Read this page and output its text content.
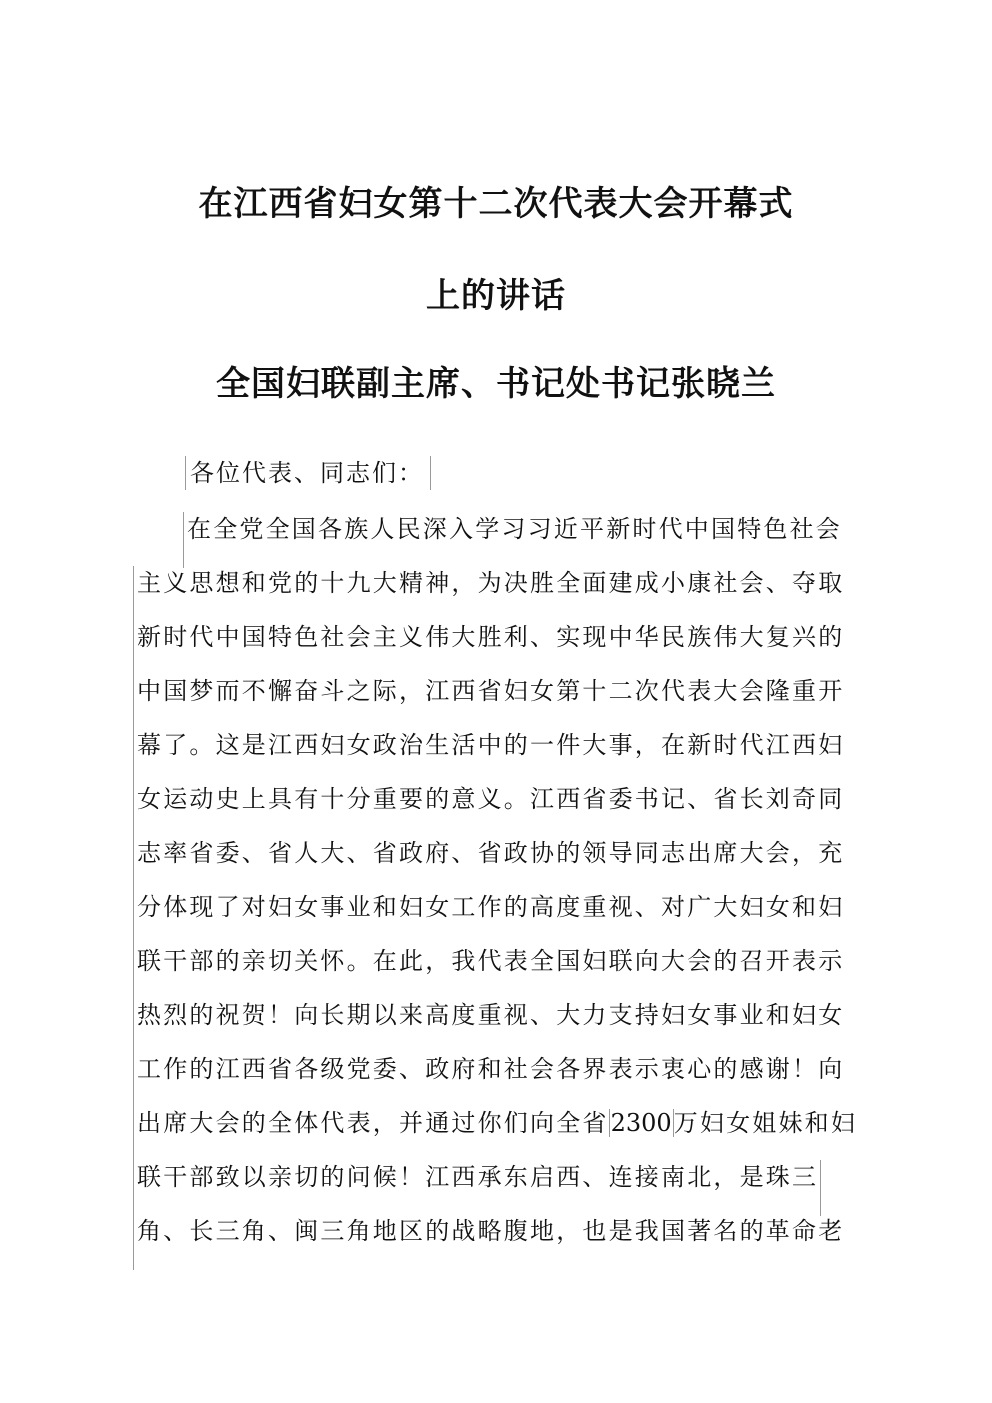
在江西省妇女第十二次代表大会开幕式
上的讲话
全国妇联副主席、书记处书记张晓兰
各位代表、同志们：
在全党全国各族人民深入学习习近平新时代中国特色社会
主义思想和党的十九大精神，为决胜全面建成小康社会、夺取
新时代中国特色社会主义伟大胜利、实现中华民族伟大复兴的
中国梦而不懈奋斗之际，江西省妇女第十二次代表大会隆重开
幕了。这是江西妇女政治生活中的一件大事，在新时代江西妇
女运动史上具有十分重要的意义。江西省委书记、省长刘奇同
志率省委、省人大、省政府、省政协的领导同志出席大会，充
分体现了对妇女事业和妇女工作的高度重视、对广大妇女和妇
联干部的亲切关怀。在此，我代表全国妇联向大会的召开表示
热烈的祝贺！向长期以来高度重视、大力支持妇女事业和妇女
工作的江西省各级党委、政府和社会各界表示衷心的感谢！向
出席大会的全体代表，并通过你们向全省2300万妇女姐妹和妇
联干部致以亲切的问候！江西承东启西、连接南北，是珠三
角、长三角、闽三角地区的战略腹地，也是我国著名的革命老
